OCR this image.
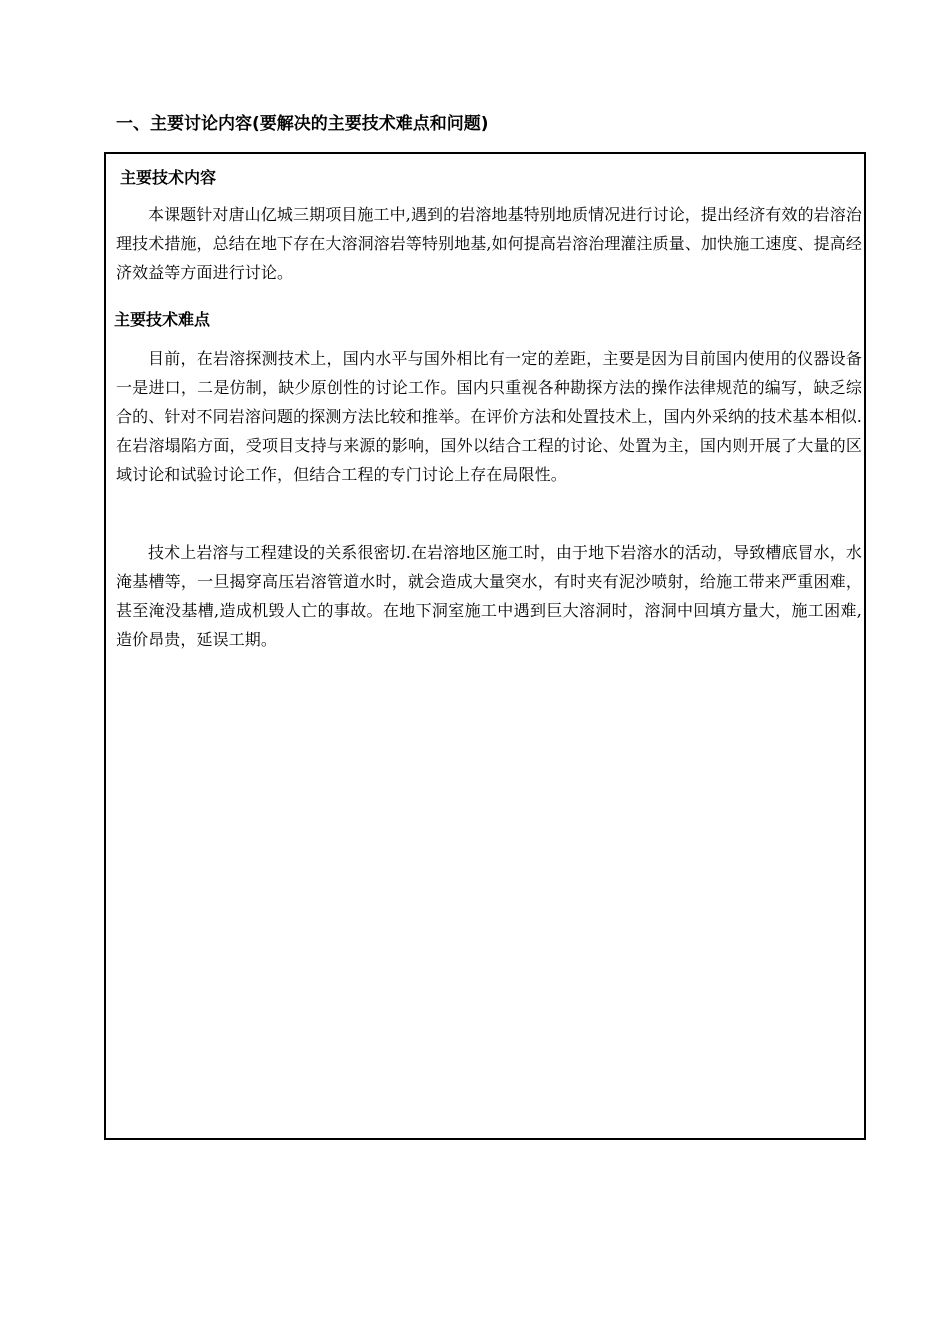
一、主要讨论内容(要解决的主要技术难点和问题)
主要技术内容
本课题针对唐山亿城三期项目施工中,遇到的岩溶地基特别地质情况进行讨论，提出经济有效的岩溶治理技术措施，总结在地下存在大溶洞溶岩等特别地基,如何提高岩溶治理灌注质量、加快施工速度、提高经济效益等方面进行讨论。
主要技术难点
目前，在岩溶探测技术上，国内水平与国外相比有一定的差距，主要是因为目前国内使用的仪器设备一是进口，二是仿制，缺少原创性的讨论工作。国内只重视各种勘探方法的操作法律规范的编写，缺乏综合的、针对不同岩溶问题的探测方法比较和推举。在评价方法和处置技术上，国内外采纳的技术基本相似.在岩溶塌陷方面，受项目支持与来源的影响，国外以结合工程的讨论、处置为主，国内则开展了大量的区域讨论和试验讨论工作，但结合工程的专门讨论上存在局限性。
技术上岩溶与工程建设的关系很密切.在岩溶地区施工时，由于地下岩溶水的活动，导致槽底冒水，水淹基槽等，一旦揭穿高压岩溶管道水时，就会造成大量突水，有时夹有泥沙喷射，给施工带来严重困难，甚至淹没基槽,造成机毁人亡的事故。在地下洞室施工中遇到巨大溶洞时，溶洞中回填方量大，施工困难,造价昂贵，延误工期。
